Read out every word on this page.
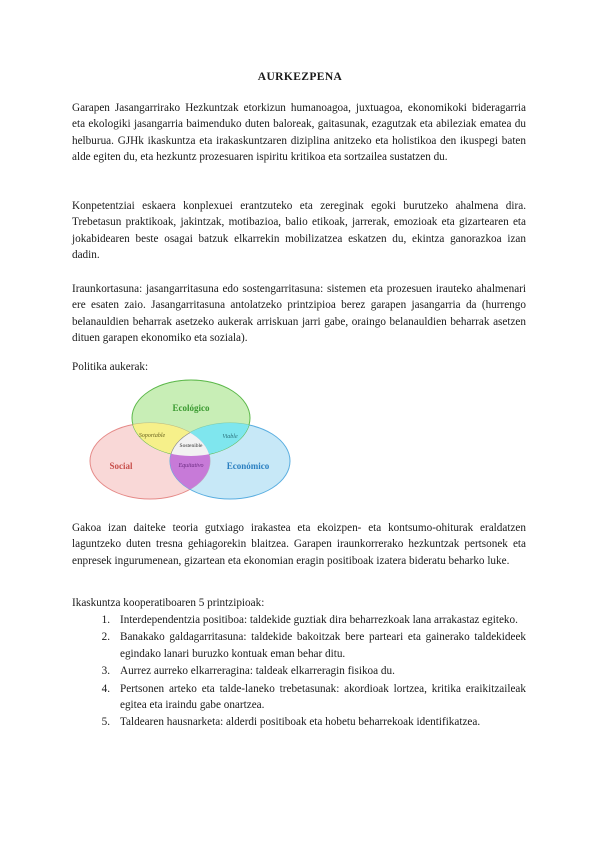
AURKEZPENA

Garapen Jasangarrirako Hezkuntzak etorkizun humanoagoa, juxtuagoa, ekonomikoki bideragarria eta ekologiki jasangarria baimenduko duten baloreak, gaitasunak, ezagutzak eta abileziak ematea du helburua. GJHk ikaskuntza eta irakaskuntzaren diziplina anitzeko eta holistikoa den ikuspegi baten alde egiten du, eta hezkuntz prozesuaren ispiritu kritikoa eta sortzailea sustatzen du.

Konpetentziai eskaera konplexuei erantzuteko eta zereginak egoki burutzeko ahalmena dira. Trebetasun praktikoak, jakintzak, motibazioa, balio etikoak, jarrerak, emozioak eta gizartearen eta jokabidearen beste osagai batzuk elkarrekin mobilizatzea eskatzen du, ekintza ganorazkoa izan dadin.

Iraunkortasuna: jasangarritasuna edo sostengarritasuna: sistemen eta prozesuen irauteko ahalmenari ere esaten zaio. Jasangarritasuna antolatzeko printzipioa berez garapen jasangarria da (hurrengo belanauldien beharrak asetzeko aukerak arriskuan jarri gabe, oraingo belanauldien beharrak asetzen dituen garapen ekonomiko eta soziala).

Politika aukerak:
Ecológico
Social	Económico
Soportable	Viable
Equitativo
Sostenible

Gakoa izan daiteke teoria gutxiago irakastea eta ekoizpen- eta kontsumo-ohiturak eraldatzen laguntzeko duten tresna gehiagorekin blaitzea. Garapen iraunkorrerako hezkuntzak pertsonek eta enpresek ingurumenean, gizartean eta ekonomian eragin positiboak izatera bideratu beharko luke.

Ikaskuntza kooperatiboaren 5 printzipioak:
1. Interdependentzia positiboa: taldekide guztiak dira beharrezkoak lana arrakastaz egiteko.
2. Banakako galdagarritasuna: taldekide bakoitzak bere parteari eta gainerako taldekideek egindako lanari buruzko kontuak eman behar ditu.
3. Aurrez aurreko elkarreragina: taldeak elkarreragin fisikoa du.
4. Pertsonen arteko eta talde-laneko trebetasunak: akordioak lortzea, kritika eraikitzaileak egitea eta iraindu gabe onartzea.
5. Taldearen hausnarketa: alderdi positiboak eta hobetu beharrekoak identifikatzea.
